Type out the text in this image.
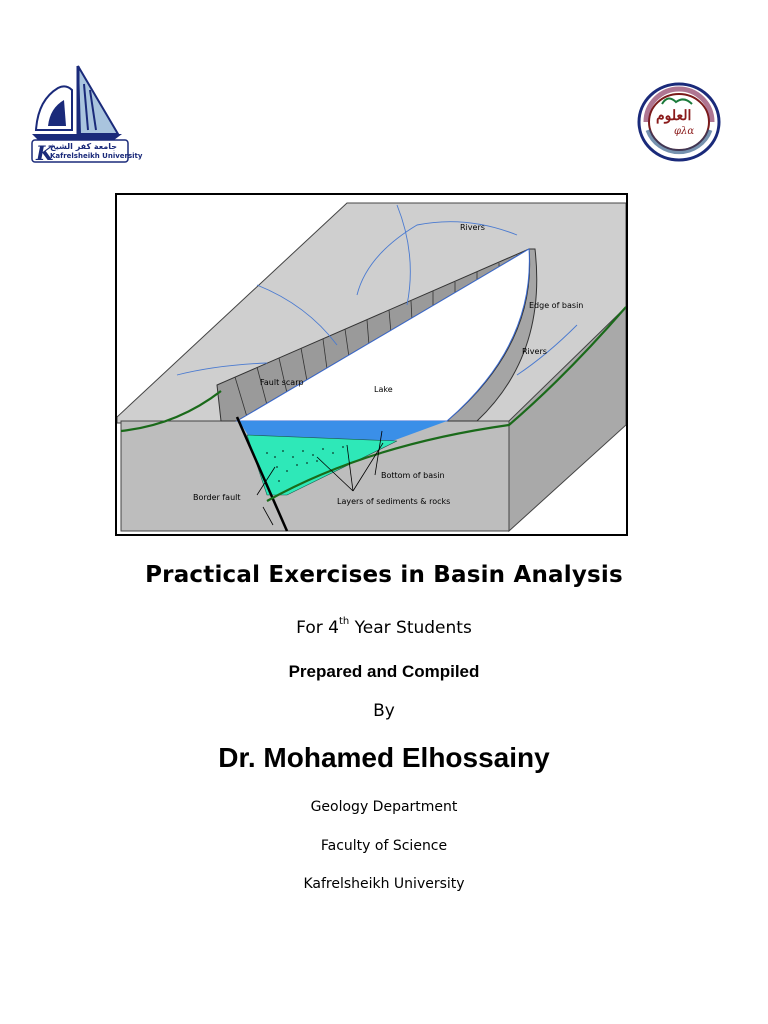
K
جامعة كفر الشيخ
Kafrelsheikh University
العلوم
φλα
Rivers
Edge of basin
Rivers
Fault scarp
Lake
Bottom of basin
Border fault	Layers of sediments & rocks
Practical Exercises in Basin Analysis
For 4th Year Students
Prepared and Compiled
By
Dr. Mohamed Elhossainy
Geology Department
Faculty of Science
Kafrelsheikh University
